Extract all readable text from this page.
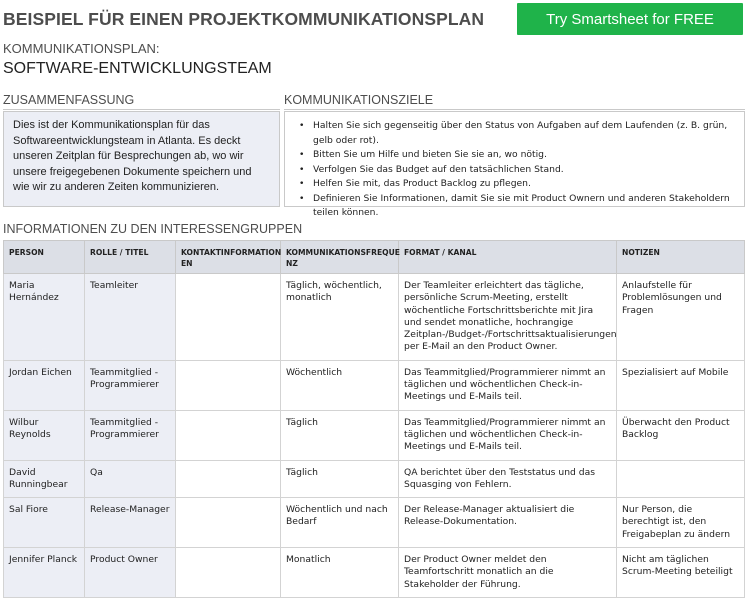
BEISPIEL FÜR EINEN PROJEKTKOMMUNIKATIONSPLAN	Try Smartsheet for FREE
KOMMUNIKATIONSPLAN:
SOFTWARE-ENTWICKLUNGSTEAM
ZUSAMMENFASSUNG	KOMMUNIKATIONSZIELE
Dies ist der Kommunikationsplan für das Softwareentwicklungsteam in Atlanta. Es deckt unseren Zeitplan für Besprechungen ab, wo wir unsere freigegebenen Dokumente speichern und wie wir zu anderen Zeiten kommunizieren.
• Halten Sie sich gegenseitig über den Status von Aufgaben auf dem Laufenden (z. B. grün, gelb oder rot).
• Bitten Sie um Hilfe und bieten Sie sie an, wo nötig.
• Verfolgen Sie das Budget auf den tatsächlichen Stand.
• Helfen Sie mit, das Product Backlog zu pflegen.
• Definieren Sie Informationen, damit Sie sie mit Product Ownern und anderen Stakeholdern teilen können.
INFORMATIONEN ZU DEN INTERESSENGRUPPEN
PERSON	ROLLE / TITEL	KONTAKTINFORMATION EN	KOMMUNIKATIONSFREQUE NZ	FORMAT / KANAL	NOTIZEN
Maria Hernández	Teamleiter		Täglich, wöchentlich, monatlich	Der Teamleiter erleichtert das tägliche, persönliche Scrum-Meeting, erstellt wöchentliche Fortschrittsberichte mit Jira und sendet monatliche, hochrangige Zeitplan-/Budget-/Fortschrittsaktualisierungen per E-Mail an den Product Owner.	Anlaufstelle für Problemlösungen und Fragen
Jordan Eichen	Teammitglied - Programmierer		Wöchentlich	Das Teammitglied/Programmierer nimmt an täglichen und wöchentlichen Check-in-Meetings und E-Mails teil.	Spezialisiert auf Mobile
Wilbur Reynolds	Teammitglied - Programmierer		Täglich	Das Teammitglied/Programmierer nimmt an täglichen und wöchentlichen Check-in-Meetings und E-Mails teil.	Überwacht den Product Backlog
David Runningbear	Qa		Täglich	QA berichtet über den Teststatus und das Squasging von Fehlern.	
Sal Fiore	Release-Manager		Wöchentlich und nach Bedarf	Der Release-Manager aktualisiert die Release-Dokumentation.	Nur Person, die berechtigt ist, den Freigabeplan zu ändern
Jennifer Planck	Product Owner		Monatlich	Der Product Owner meldet den Teamfortschritt monatlich an die Stakeholder der Führung.	Nicht am täglichen Scrum-Meeting beteiligt
